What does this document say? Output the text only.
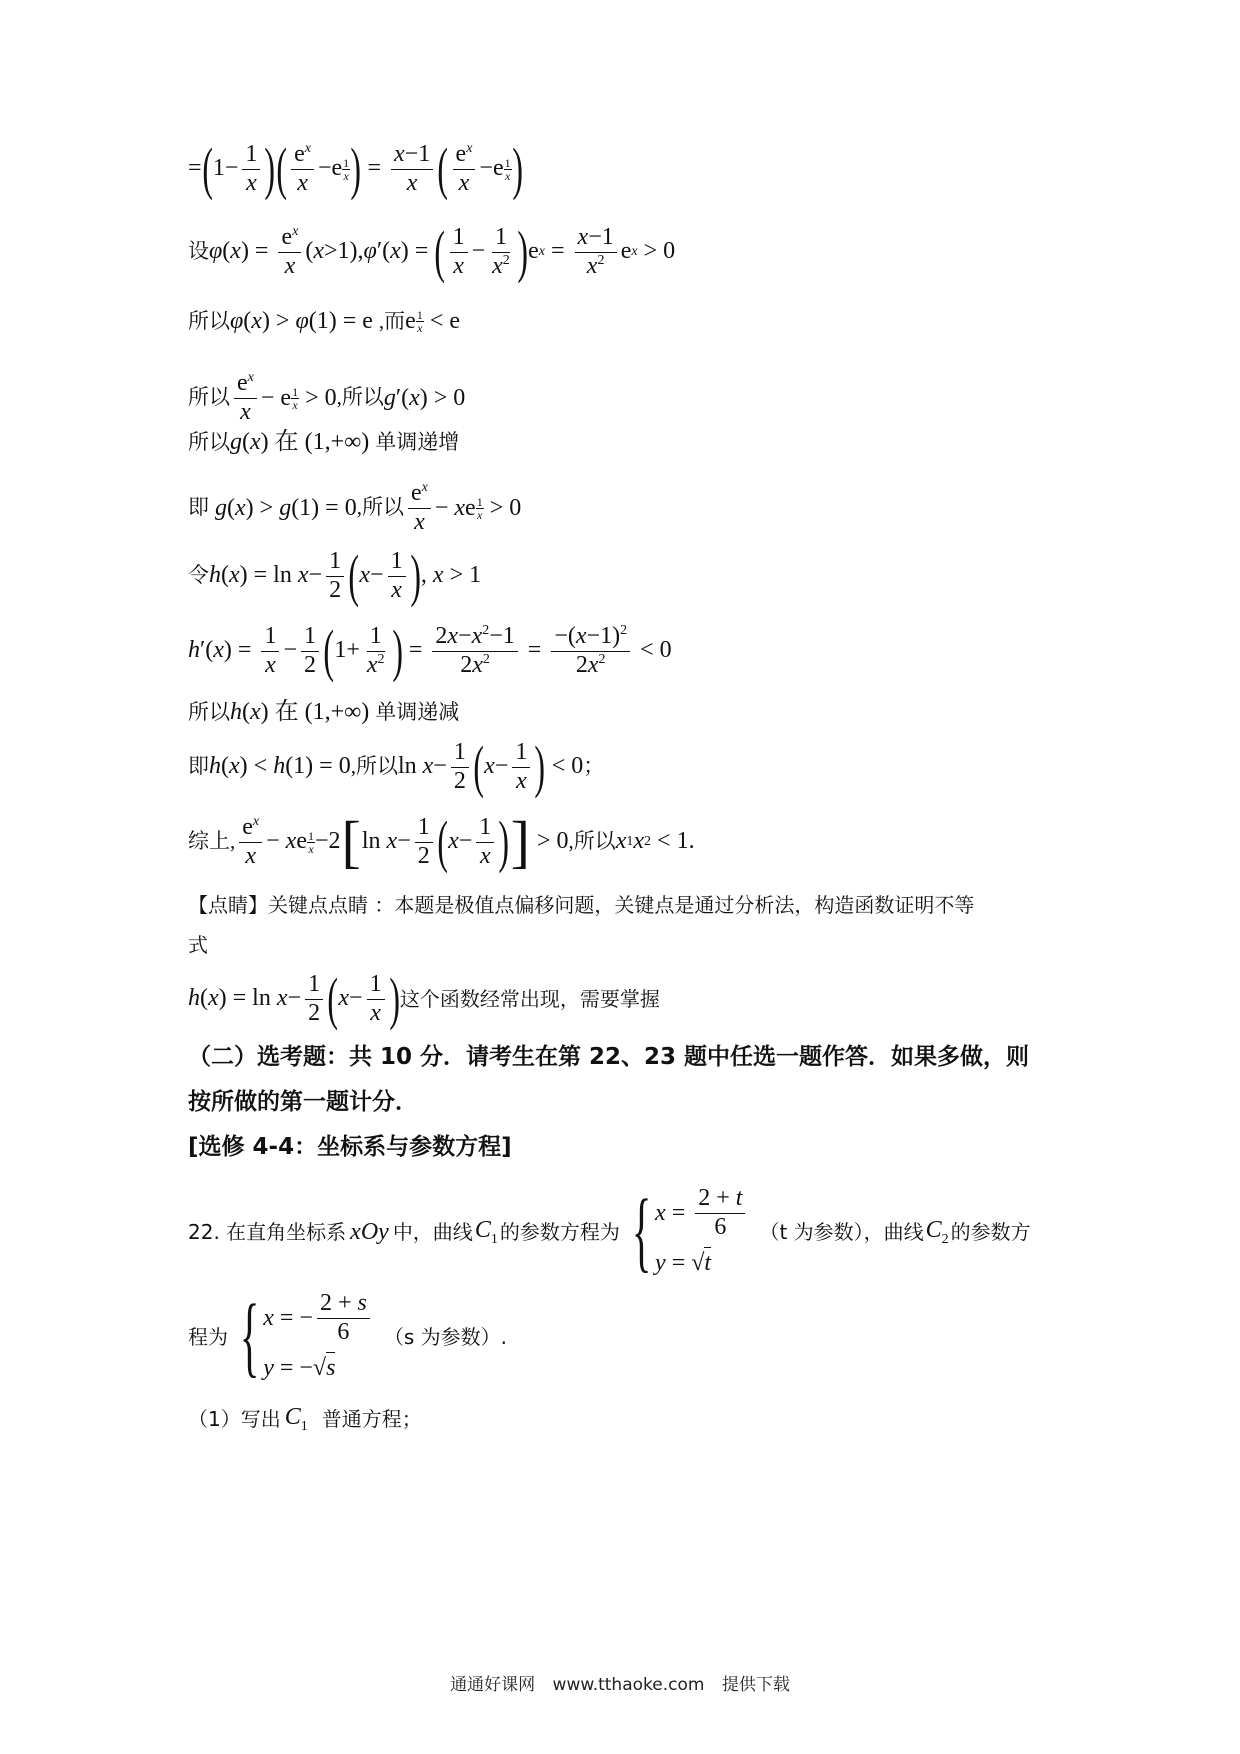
= ( $1- \frac{1}{x}$ ) ( $\frac{e^x}{x} -e \frac{1}{x}$ ) = $\frac{x-1}{x}$ ( $\frac{e^x}{x} -e \frac{1}{x}$ )
设 φ ( x ) = $\frac{e^x}{x}$ ( x >1), φ ′( x ) = ( $\frac{1}{x} - \frac{1}{x^2}$ ) e $x = \frac{x-1}{x^2}$ e x > 0
所以 φ ( x ) > φ (1) = e ,而 e $\frac{1}{x} < e$
所以 $\frac{e^x}{x} - e \frac{1}{x} > 0$ ,所以 g ′( x ) > 0
所以 g ( x ) 在 (1,+∞) 单调递增
即
g ( x ) > g (1) = 0 ,所以 $\frac{e^x}{x} - x$ e $\frac{1}{x} > 0$
令 h ( x ) = $\ln x - \frac{1}{2}$ ( $x - \frac{1}{x}$ ) , x > 1
h ′( x ) = $\frac{1}{x} - \frac{1}{2}$ ( $1+ \frac{1}{x^2}$ ) = $\frac{2x-x^2-1}{2x^2} = \frac{-(x-1)^2}{2x^2} < 0$
所以 h ( x ) 在 (1,+∞) 单调递减
即 h ( x ) < h (1) = 0 ,所以 $\ln x - \frac{1}{2}$ ( $x - \frac{1}{x}$ ) < 0 ；
综上, $\frac{e^x}{x} - x$ e $\frac{1}{x} -2$ [ $\ln x - \frac{1}{2}$ ( $x - \frac{1}{x}$ ) ] > 0 ,所以 x 1 x 2 < 1 .
【点睛】关键点点睛 ：本题是极值点偏移问题，关键点是通过分析法，构造函数证明不等
式
h ( x ) = $\ln x - \frac{1}{2}$ ( $x - \frac{1}{x}$ ) 这个函数经常出现，需要掌握
（二）选考题：共 10 分．请考生在第 22、23 题中任选一题作答．如果多做，则
按所做的第一题计分．
[选修 4-4：坐标系与参数方程]
22. 在直角坐标系 xOy 中，曲线 $C_1$ 的参数方程为 { $x = \frac{2 + t}{6}$
y = √ t
（t 为参数），曲线 $C_2$ 的参数方
程为 { x = − $\frac{2 + s}{6}$
y = −√ s
（s 为参数）.
（1）写出 $C_1$ 普通方程；
通通好课网 www.tthaoke.com 提供下载
